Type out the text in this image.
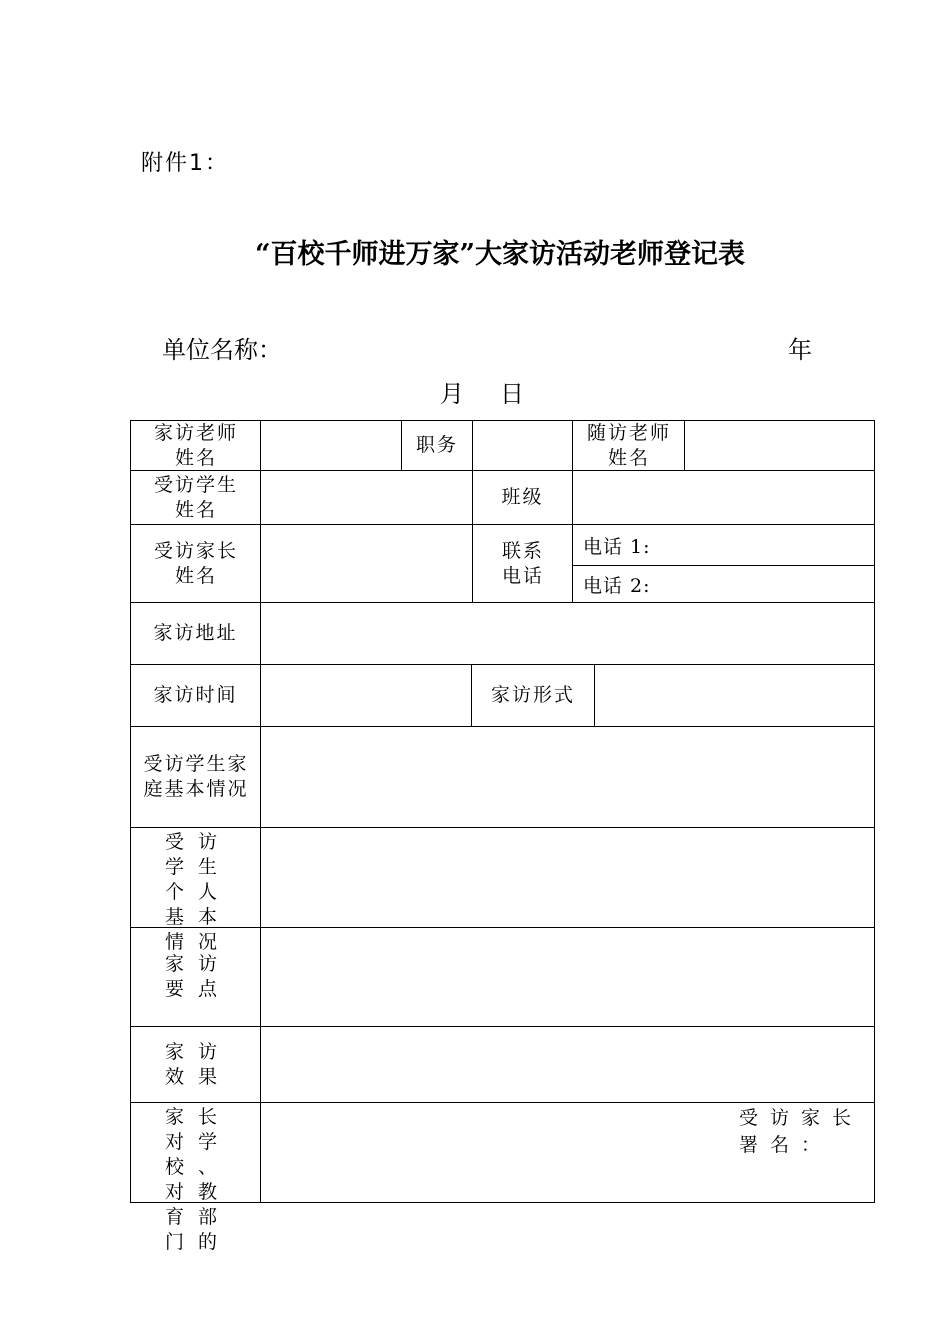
附件1：
“百校千师进万家”大家访活动老师登记表
单位名称：	年
月 日
家访老师姓名
职务
随访老师姓名
受访学生姓名
班级
受访家长姓名
联系电话
电话 1:
电话 2:
家访地址
家访时间	家访形式
受访学生家庭基本情况
受访学生个人基本情况
家访要点
家访效果
家长对学校、对教育部门的
受访家长署名：
